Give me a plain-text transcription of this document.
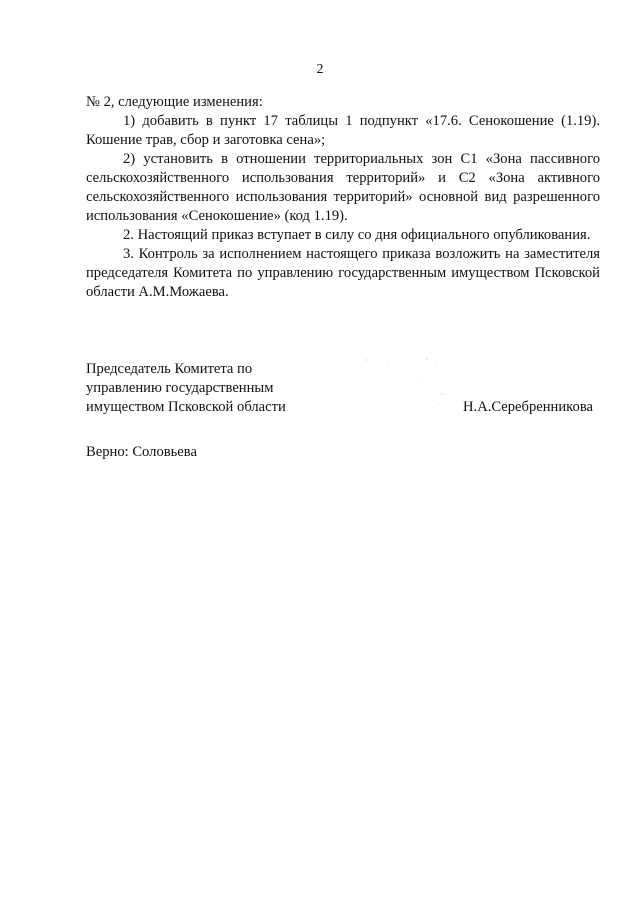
2

№ 2, следующие изменения:

1) добавить в пункт 17 таблицы 1 подпункт «17.6. Сенокошение (1.19). Кошение трав, сбор и заготовка сена»;

2) установить в отношении территориальных зон С1 «Зона пассивного сельскохозяйственного использования территорий» и С2 «Зона активного сельскохозяйственного использования территорий» основной вид разрешенного использования «Сенокошение» (код 1.19).

2. Настоящий приказ вступает в силу со дня официального опубликования.

3. Контроль за исполнением настоящего приказа возложить на заместителя председателя Комитета по управлению государственным имуществом Псковской области А.М.Можаева.

Председатель Комитета по
управлению государственным
имуществом Псковской области	Н.А.Серебренникова
Верно: Соловьева
